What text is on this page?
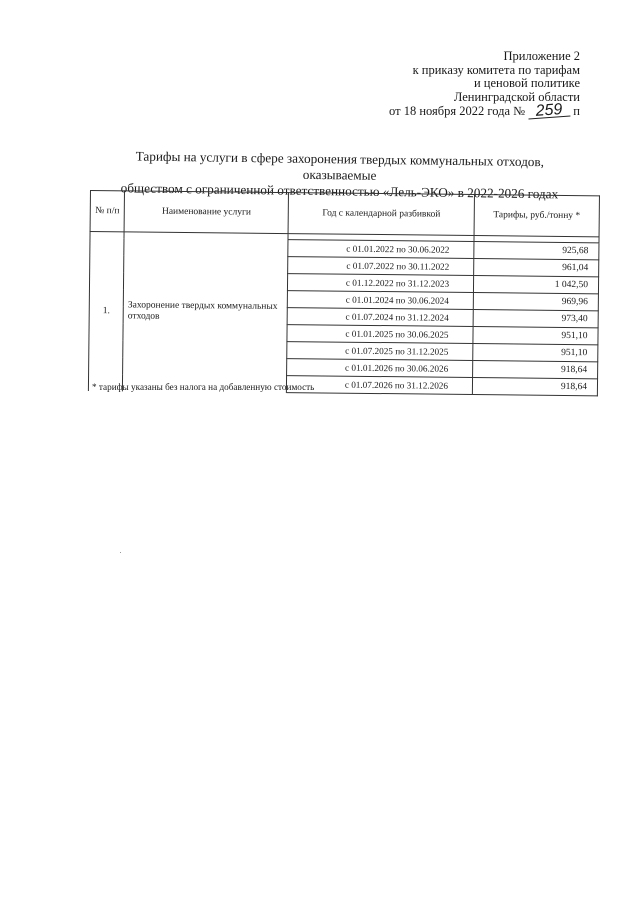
Приложение 2
к приказу комитета по тарифам
и ценовой политике
Ленинградской области
от 18 ноября 2022 года № 259 п
Тарифы на услуги в сфере захоронения твердых коммунальных отходов, оказываемые
обществом с ограниченной ответственностью «Лель-ЭКО» в 2022-2026 годах
№ п/п	Наименование услуги	Год с календарной разбивкой	Тарифы, руб./тонну *
1.	Захоронение твердых коммунальных отходов		
		с 01.01.2022 по 30.06.2022	925,68
		с 01.07.2022 по 30.11.2022	961,04
		с 01.12.2022 по 31.12.2023	1 042,50
		с 01.01.2024 по 30.06.2024	969,96
		с 01.07.2024 по 31.12.2024	973,40
		с 01.01.2025 по 30.06.2025	951,10
		с 01.07.2025 по 31.12.2025	951,10
		с 01.01.2026 по 30.06.2026	918,64
		с 01.07.2026 по 31.12.2026	918,64
* тарифы указаны без налога на добавленную стоимость
